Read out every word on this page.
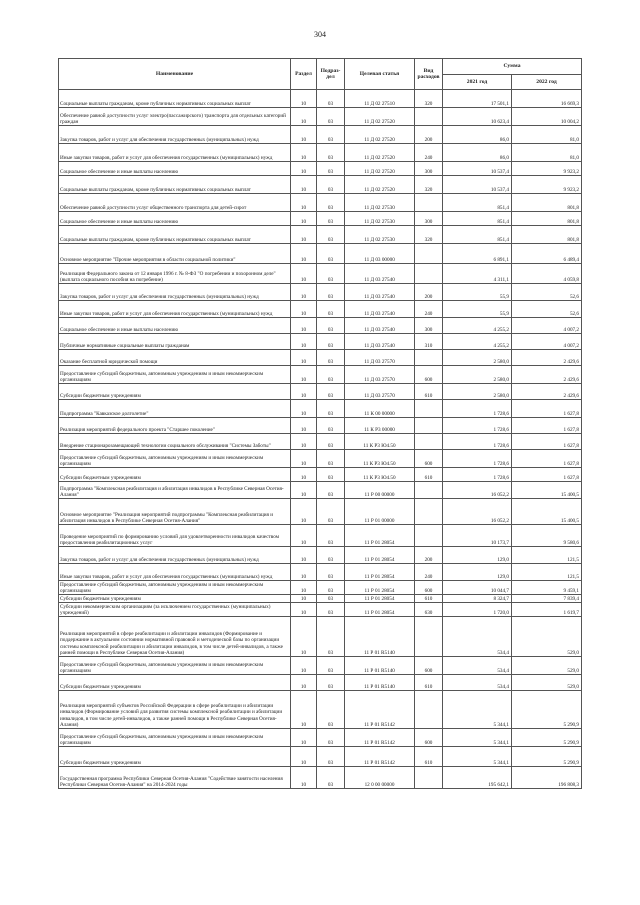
304
Наименование	Раздел	Подраз-дел	Целевая статья	Вид расходов	Сумма	
					2021 год	2022 год
Социальные выплаты гражданам, кроме публичных нормативных социальных выплат	10	03	11 Д 02 27510	320	17 501,1	16 669,3
Обеспечение равной доступности услуг электро(пассажирского) транспорта для отдельных категорий граждан	10	03	11 Д 02 27520		10 623,4	10 004,2
Закупка товаров, работ и услуг для обеспечения государственных (муниципальных) нужд	10	03	11 Д 02 27520	200	86,0	81,0
Иные закупки товаров, работ и услуг для обеспечения государственных (муниципальных) нужд	10	03	11 Д 02 27520	240	86,0	81,0
Социальное обеспечение и иные выплаты населению	10	03	11 Д 02 27520	300	10 537,4	9 923,2
Социальные выплаты гражданам, кроме публичных нормативных социальных выплат	10	03	11 Д 02 27520	320	10 537,4	9 923,2
Обеспечение равной доступности услуг общественного транспорта для детей-сирот	10	03	11 Д 02 27530		851,4	801,8
Социальное обеспечение и иные выплаты населению	10	03	11 Д 02 27530	300	851,4	801,8
Социальные выплаты гражданам, кроме публичных нормативных социальных выплат	10	03	11 Д 02 27530	320	851,4	801,8
Основное мероприятие "Прочие мероприятия в области социальной политики"	10	03	11 Д 03 00000		6 891,1	6 489,4
Реализация Федерального закона от 12 января 1996 г. № 8-ФЗ "О погребении и похоронном деле" (выплата социального пособия на погребение)	10	03	11 Д 03 27540		4 311,1	4 059,8
Закупка товаров, работ и услуг для обеспечения государственных (муниципальных) нужд	10	03	11 Д 03 27540	200	55,9	52,6
Иные закупки товаров, работ и услуг для обеспечения государственных (муниципальных) нужд	10	03	11 Д 03 27540	240	55,9	52,6
Социальное обеспечение и иные выплаты населению	10	03	11 Д 03 27540	300	4 255,2	4 007,2
Публичные нормативные социальные выплаты гражданам	10	03	11 Д 03 27540	310	4 255,2	4 007,2
Оказание бесплатной юридической помощи	10	03	11 Д 03 27570		2 580,0	2 429,6
Предоставление субсидий бюджетным, автономным учреждениям и иным некоммерческим организациям	10	03	11 Д 03 27570	600	2 580,0	2 429,6
Субсидии бюджетным учреждениям	10	03	11 Д 03 27570	610	2 580,0	2 429,6
Подпрограмма "Кавказское долголетие"	10	03	11 К 00 00000		1 728,6	1 627,8
Реализация мероприятий федерального проекта "Старшее поколение"	10	03	11 К Р3 00000		1 728,6	1 627,8
Внедрение стационарозамещающей технологии социального обслуживания "Системы Заботы"	10	03	11 К Р3 Ю4.50		1 728,6	1 627,8
Предоставление субсидий бюджетным, автономным учреждениям и иным некоммерческим организациям	10	03	11 К Р3 Ю4.50	600	1 728,6	1 627,8
Субсидии бюджетным учреждениям	10	03	11 К Р3 Ю4.50	610	1 728,6	1 627,8
Подпрограмма "Комплексная реабилитация и абилитация инвалидов в Республике Северная Осетия-Алания"	10	03	11 Р 00 00000		16 052,2	15 400,5
Основное мероприятие "Реализация мероприятий подпрограммы "Комплексная реабилитация и абилитация инвалидов в Республике Северная Осетия-Алания"	10	03	11 Р 01 00000		16 052,2	15 400,5
Проведение мероприятий по формированию условий для удовлетворенности инвалидов качеством предоставления реабилитационных услуг	10	03	11 Р 01 28054		10 173,7	9 580,6
Закупка товаров, работ и услуг для обеспечения государственных (муниципальных) нужд	10	03	11 Р 01 28054	200	129,0	121,5
Иные закупки товаров, работ и услуг для обеспечения государственных (муниципальных) нужд	10	03	11 Р 01 28054	240	129,0	121,5
Предоставление субсидий бюджетным, автономным учреждениям и иным некоммерческим организациям	10	03	11 Р 01 28054	600	10 044,7	9 459,1
Субсидии бюджетным учреждениям	10	03	11 Р 01 28054	610	8 324,7	7 839,4
Субсидии некоммерческим организациям (за исключением государственных (муниципальных) учреждений)	10	03	11 Р 01 28054	630	1 720,0	1 619,7
Реализация мероприятий в сфере реабилитации и абилитации инвалидов (Формирование и поддержание в актуальном состоянии нормативной правовой и методической базы по организации системы комплексной реабилитации и абилитации инвалидов, в том числе детей-инвалидов, а также ранней помощи в Республике Северная Осетия-Алания)	10	03	11 Р 01 R5140		534,4	529,0
Предоставление субсидий бюджетным, автономным учреждениям и иным некоммерческим организациям	10	03	11 Р 01 R5140	600	534,4	529,0
Субсидии бюджетным учреждениям	10	03	11 Р 01 R5140	610	534,4	529,0
Реализация мероприятий субъектов Российской Федерации в сфере реабилитации и абилитации инвалидов (Формирование условий для развития системы комплексной реабилитации и абилитации инвалидов, в том числе детей-инвалидов, а также ранней помощи в Республике Северная Осетия-Алания)	10	03	11 Р 01 R5142		5 344,1	5 290,9
Предоставление субсидий бюджетным, автономным учреждениям и иным некоммерческим организациям	10	03	11 Р 01 R5142	600	5 344,1	5 290,9
Субсидии бюджетным учреждениям	10	03	11 Р 01 R5142	610	5 344,1	5 290,9
Государственная программа Республики Северная Осетия-Алания "Содействие занятости населения Республики Северная Осетия-Алания" на 2014-2024 годы	10	03	12 0 00 00000		195 642,1	196 808,3
